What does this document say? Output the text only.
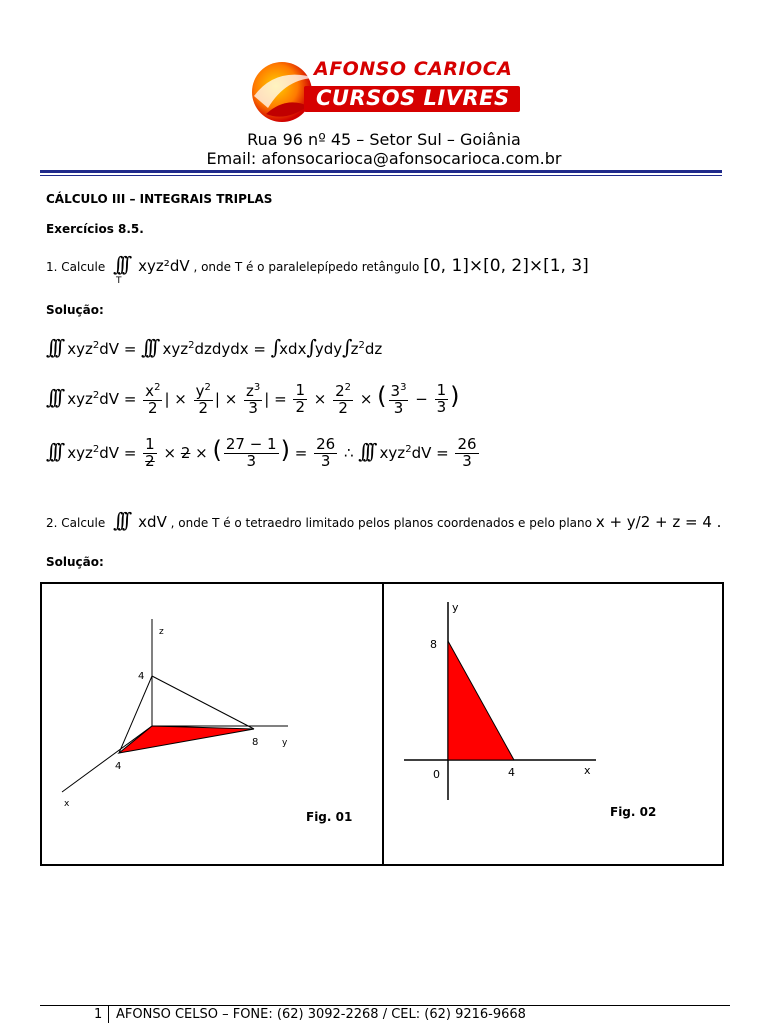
AFONSO CARIOCA
CURSOS LIVRES
Rua 96 nº 45 – Setor Sul – Goiânia
Email: afonsocarioca@afonsocarioca.com.br
CÁLCULO III – INTEGRAIS TRIPLAS
Exercícios 8.5.
1. Calcule ∫∫∫ xyz²dV , onde T é o paralelepípedo retângulo [0, 1]×[0, 2]×[1, 3]
T
Solução:
∫∫∫ xyz$^2$dV = ∫∫∫ xyz$^2$dzdydx = ∫ xdx∫ ydy∫ $z^2dz$
∫∫∫ $xyz^2dV = \frac{x^2}{2}$ | × $\frac{y^2}{2}$ | × $\frac{z^3}{3}$ | = $\frac{1}{2} \times \frac{2^2}{2}$ × ( $\frac{3^3}{3} - \frac{1}{3}$ )
∫∫∫ $xyz^2dV = \frac{1}{2} \times 2$ × ( $\frac{27 - 1}{3}$ ) = $\frac{26}{3}$ ∴ ∫∫∫ $xyz^2dV = \frac{26}{3}$
2. Calcule ∫∫∫ xdV , onde T é o tetraedro limitado pelos planos coordenados e pelo plano x + y/2 + z = 4 .
Solução:
z
4
8	y
4
x
Fig. 01
y
8
0	4	x
Fig. 02
1 AFONSO CELSO – FONE: (62) 3092-2268 / CEL: (62) 9216-9668
